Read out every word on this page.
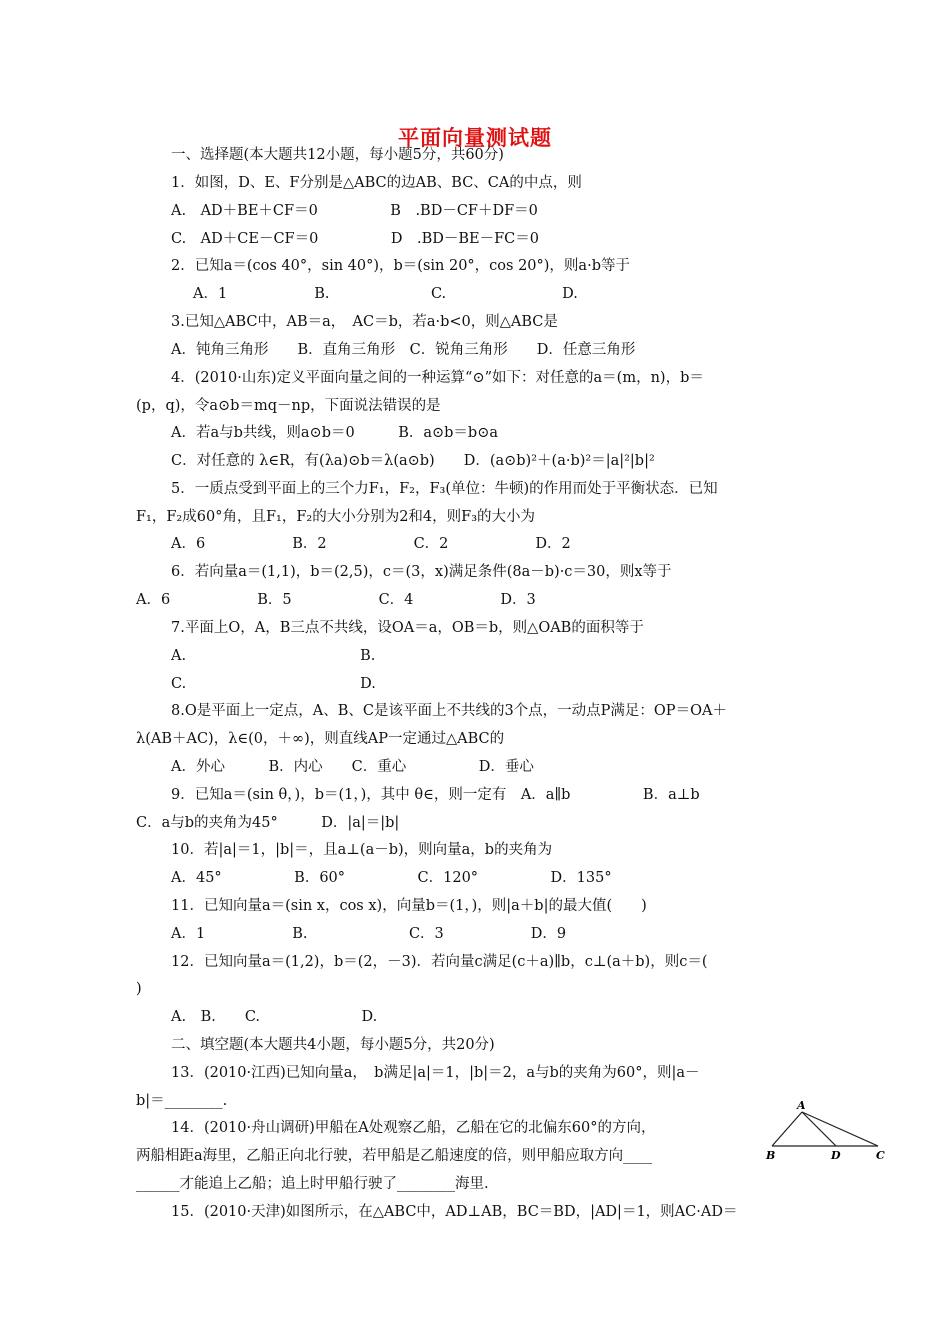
平面向量测试题
一、选择题(本大题共12小题，每小题5分，共60分)
1．如图，D、E、F分别是△ABC的边AB、BC、CA的中点，则
A.　AD＋BE＋CF＝0　　　　　B　.BD－CF＋DF＝0
C.　AD＋CE－CF＝0　　　　　D　.BD－BE－FC＝0
2．已知a＝(cos 40°，sin 40°)，b＝(sin 20°，cos 20°)，则a·b等于
A．1　　　　　　B.　　　　　　　C.　　　　　　　　D.
3.已知△ABC中，AB＝a，　AC＝b，若a·b<0，则△ABC是
A．钝角三角形　　B．直角三角形　C．锐角三角形　　D．任意三角形
4．(2010·山东)定义平面向量之间的一种运算“⊙”如下：对任意的a＝(m，n)，b＝
(p，q)，令a⊙b＝mq－np，下面说法错误的是
A．若a与b共线，则a⊙b＝0　　　B．a⊙b＝b⊙a
C．对任意的 λ∈R，有(λa)⊙b＝λ(a⊙b)　　D．(a⊙b)²＋(a·b)²＝|a|²|b|²
5．一质点受到平面上的三个力F₁，F₂，F₃(单位：牛顿)的作用而处于平衡状态．已知
F₁，F₂成60°角，且F₁，F₂的大小分别为2和4，则F₃的大小为
A．6　　　　　　B．2　　　　　　C．2　　　　　　D．2
6．若向量a＝(1,1)，b＝(2,5)，c＝(3，x)满足条件(8a－b)·c＝30，则x等于
A．6　　　　　　B．5　　　　　　C．4　　　　　　D．3
7.平面上O，A，B三点不共线，设OA＝a，OB＝b，则△OAB的面积等于
A.　　　　　　　　　　　　B.
C.　　　　　　　　　　　　D.
8.O是平面上一定点，A、B、C是该平面上不共线的3个点，一动点P满足：OP＝OA＋
λ(AB＋AC)，λ∈(0，＋∞)，则直线AP一定通过△ABC的
A．外心　　　B．内心　　C．重心　　　　　D．垂心
9．已知a＝(sin θ，)，b＝(1，)，其中 θ∈，则一定有　A．a∥b　　　　　B．a⊥b
C．a与b的夹角为45°　　　D．|a|＝|b|
10．若|a|＝1，|b|＝，且a⊥(a－b)，则向量a，b的夹角为
A．45°　　　　　B．60°　　　　　C．120°　　　　　D．135°
11．已知向量a＝(sin x，cos x)，向量b＝(1，)，则|a＋b|的最大值(　　)
A．1　　　　　　B.　　　　　　　C．3　　　　　　D．9
12．已知向量a＝(1,2)，b＝(2，－3)．若向量c满足(c＋a)∥b，c⊥(a＋b)，则c＝(
)
A.　B.　　C.　　　　　　　D.
二、填空题(本大题共4小题，每小题5分，共20分)
13．(2010·江西)已知向量a，　b满足|a|＝1，|b|＝2，a与b的夹角为60°，则|a－
b|＝________.
14．(2010·舟山调研)甲船在A处观察乙船，乙船在它的北偏东60°的方向，
两船相距a海里，乙船正向北行驶，若甲船是乙船速度的倍，则甲船应取方向____
______才能追上乙船；追上时甲船行驶了________海里.
15．(2010·天津)如图所示，在△ABC中，AD⊥AB，BC＝BD，|AD|＝1，则AC·AD＝
A
B	D	C
